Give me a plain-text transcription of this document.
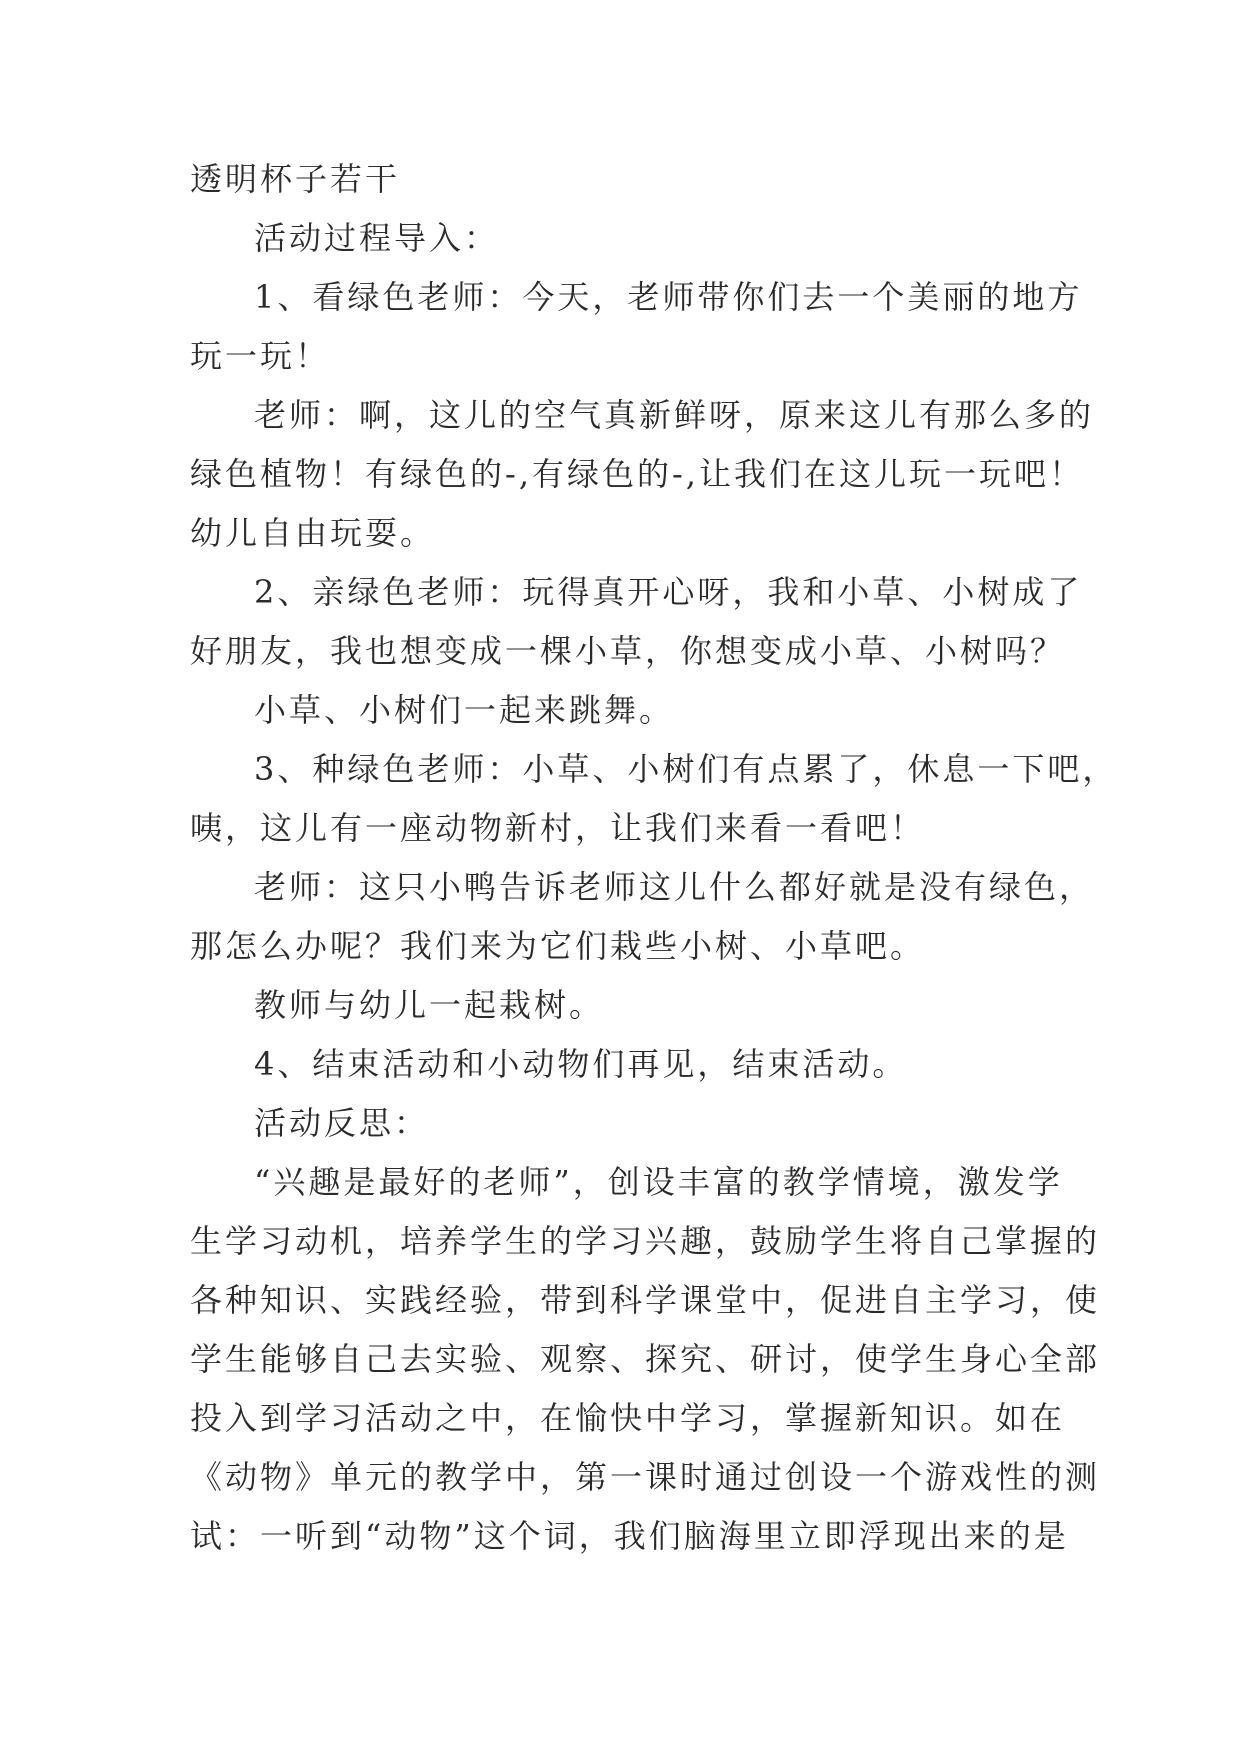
透明杯子若干
活动过程导入：
1、看绿色老师：今天，老师带你们去一个美丽的地方
玩一玩！
老师：啊，这儿的空气真新鲜呀，原来这儿有那么多的
绿色植物！有绿色的-,有绿色的-,让我们在这儿玩一玩吧！
幼儿自由玩耍。
2、亲绿色老师：玩得真开心呀，我和小草、小树成了
好朋友，我也想变成一棵小草，你想变成小草、小树吗？
小草、小树们一起来跳舞。
3、种绿色老师：小草、小树们有点累了，休息一下吧，
咦，这儿有一座动物新村，让我们来看一看吧！
老师：这只小鸭告诉老师这儿什么都好就是没有绿色，
那怎么办呢？我们来为它们栽些小树、小草吧。
教师与幼儿一起栽树。
4、结束活动和小动物们再见，结束活动。
活动反思：
“兴趣是最好的老师”，创设丰富的教学情境，激发学
生学习动机，培养学生的学习兴趣，鼓励学生将自己掌握的
各种知识、实践经验，带到科学课堂中，促进自主学习，使
学生能够自己去实验、观察、探究、研讨，使学生身心全部
投入到学习活动之中，在愉快中学习，掌握新知识。如在
《动物》单元的教学中，第一课时通过创设一个游戏性的测
试：一听到“动物”这个词，我们脑海里立即浮现出来的是
